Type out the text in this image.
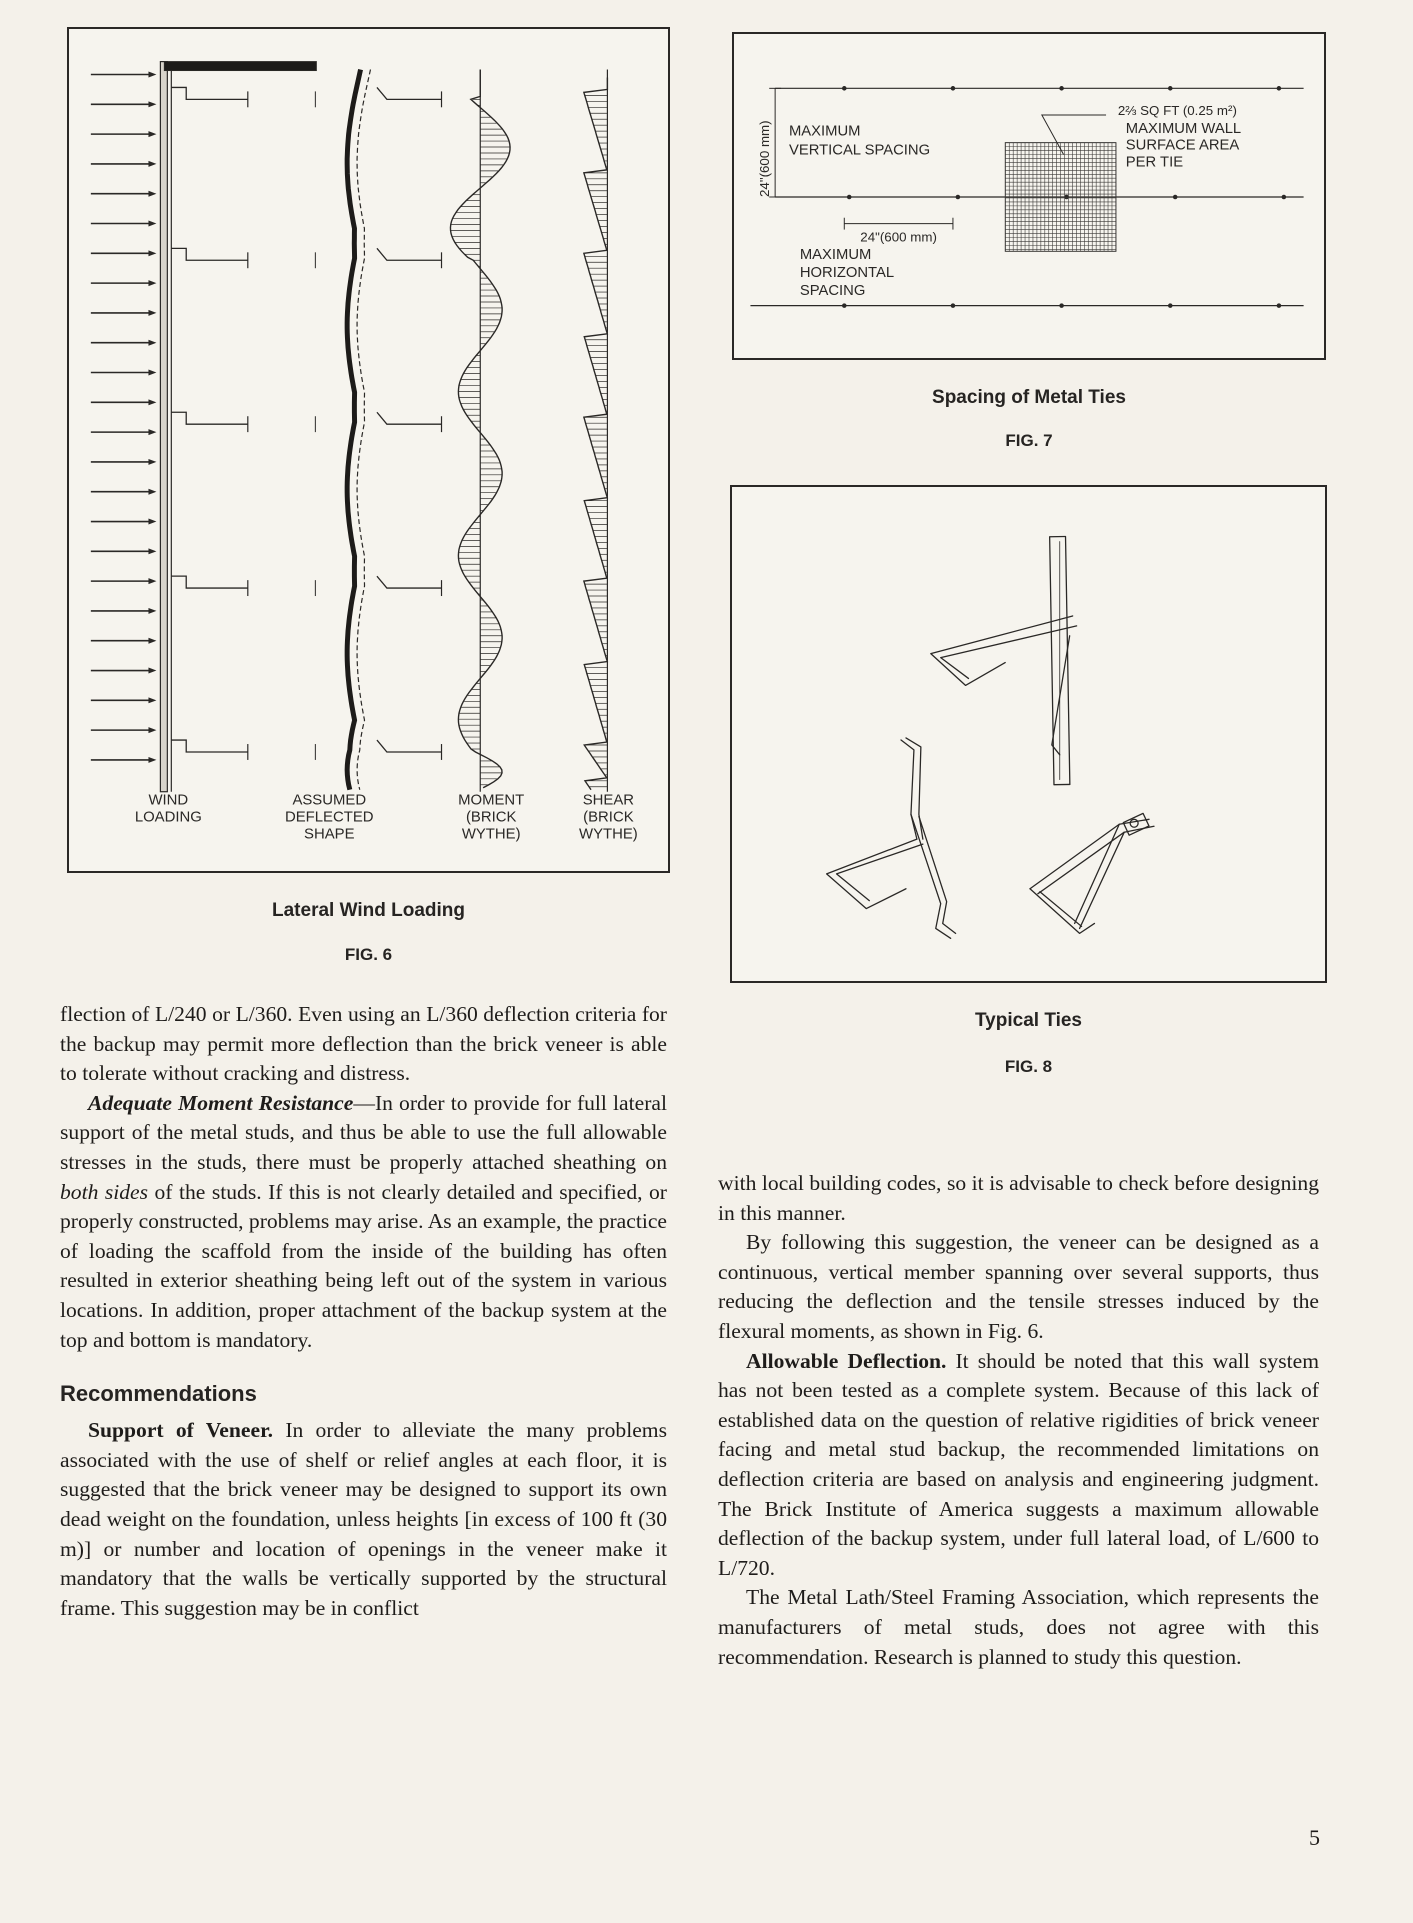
WIND
LOADING
ASSUMED
DEFLECTED
SHAPE
MOMENT
(BRICK
WYTHE)
SHEAR
(BRICK
WYTHE)
Lateral Wind Loading
FIG. 6
24"(600 mm) MAXIMUM
VERTICAL SPACING
24"(600 mm)
MAXIMUM
HORIZONTAL
SPACING
2⅔ SQ FT (0.25 m²)
MAXIMUM WALL
SURFACE AREA
PER TIE
Spacing of Metal Ties
FIG. 7
Typical Ties
FIG. 8

flection of L/240 or L/360. Even using an L/360 deflection criteria for the backup may permit more deflection than the brick veneer is able to tolerate without cracking and distress.

Adequate Moment Resistance—In order to provide for full lateral support of the metal studs, and thus be able to use the full allowable stresses in the studs, there must be properly attached sheathing on both sides of the studs. If this is not clearly detailed and specified, or properly constructed, problems may arise. As an example, the practice of loading the scaffold from the inside of the building has often resulted in exterior sheathing being left out of the system in various locations. In addition, proper attachment of the backup system at the top and bottom is mandatory.

Recommendations

Support of Veneer. In order to alleviate the many problems associated with the use of shelf or relief angles at each floor, it is suggested that the brick veneer may be designed to support its own dead weight on the foundation, unless heights [in excess of 100 ft (30 m)] or number and location of openings in the veneer make it mandatory that the walls be vertically supported by the structural frame. This suggestion may be in conflict

with local building codes, so it is advisable to check before designing in this manner.

By following this suggestion, the veneer can be designed as a continuous, vertical member spanning over several supports, thus reducing the deflection and the tensile stresses induced by the flexural moments, as shown in Fig. 6.

Allowable Deflection. It should be noted that this wall system has not been tested as a complete system. Because of this lack of established data on the question of relative rigidities of brick veneer facing and metal stud backup, the recommended limitations on deflection criteria are based on analysis and engineering judgment. The Brick Institute of America suggests a maximum allowable deflection of the backup system, under full lateral load, of L/600 to L/720.

The Metal Lath/Steel Framing Association, which represents the manufacturers of metal studs, does not agree with this recommendation. Research is planned to study this question.

5
